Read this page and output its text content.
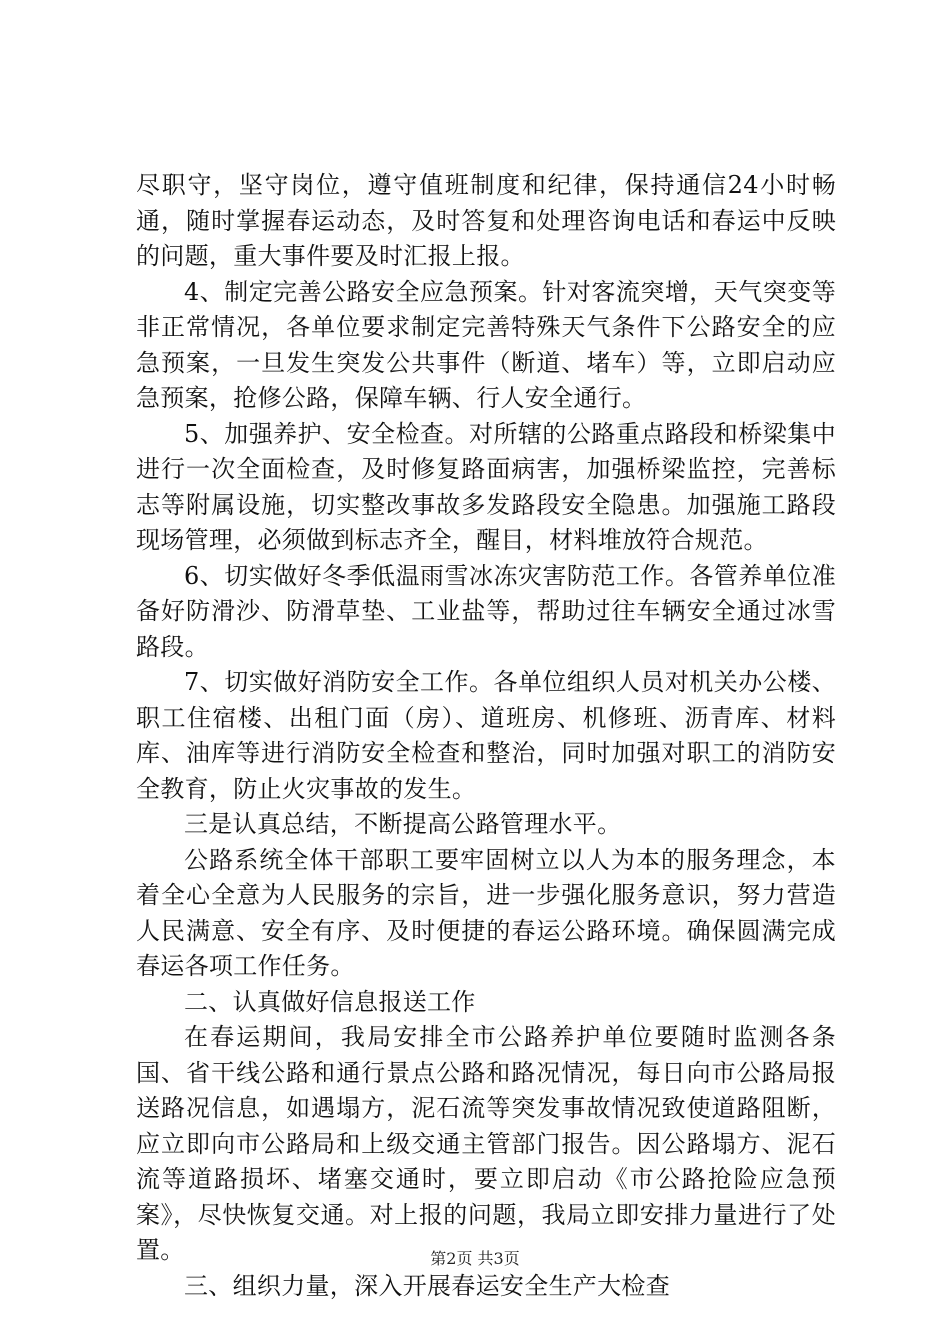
尽职守，坚守岗位，遵守值班制度和纪律，保持通信24小时畅通，随时掌握春运动态，及时答复和处理咨询电话和春运中反映的问题，重大事件要及时汇报上报。

4、制定完善公路安全应急预案。针对客流突增，天气突变等非正常情况，各单位要求制定完善特殊天气条件下公路安全的应急预案，一旦发生突发公共事件（断道、堵车）等，立即启动应急预案，抢修公路，保障车辆、行人安全通行。

5、加强养护、安全检查。对所辖的公路重点路段和桥梁集中进行一次全面检查，及时修复路面病害，加强桥梁监控，完善标志等附属设施，切实整改事故多发路段安全隐患。加强施工路段现场管理，必须做到标志齐全，醒目，材料堆放符合规范。

6、切实做好冬季低温雨雪冰冻灾害防范工作。各管养单位准备好防滑沙、防滑草垫、工业盐等，帮助过往车辆安全通过冰雪路段。

7、切实做好消防安全工作。各单位组织人员对机关办公楼、职工住宿楼、出租门面（房）、道班房、机修班、沥青库、材料库、油库等进行消防安全检查和整治，同时加强对职工的消防安全教育，防止火灾事故的发生。

三是认真总结，不断提高公路管理水平。

公路系统全体干部职工要牢固树立以人为本的服务理念，本着全心全意为人民服务的宗旨，进一步强化服务意识，努力营造人民满意、安全有序、及时便捷的春运公路环境。确保圆满完成春运各项工作任务。

二、认真做好信息报送工作

在春运期间，我局安排全市公路养护单位要随时监测各条国、省干线公路和通行景点公路和路况情况，每日向市公路局报送路况信息，如遇塌方，泥石流等突发事故情况致使道路阻断，应立即向市公路局和上级交通主管部门报告。因公路塌方、泥石流等道路损坏、堵塞交通时，要立即启动《市公路抢险应急预案》，尽快恢复交通。对上报的问题，我局立即安排力量进行了处置。

三、组织力量，深入开展春运安全生产大检查

第2页 共3页
